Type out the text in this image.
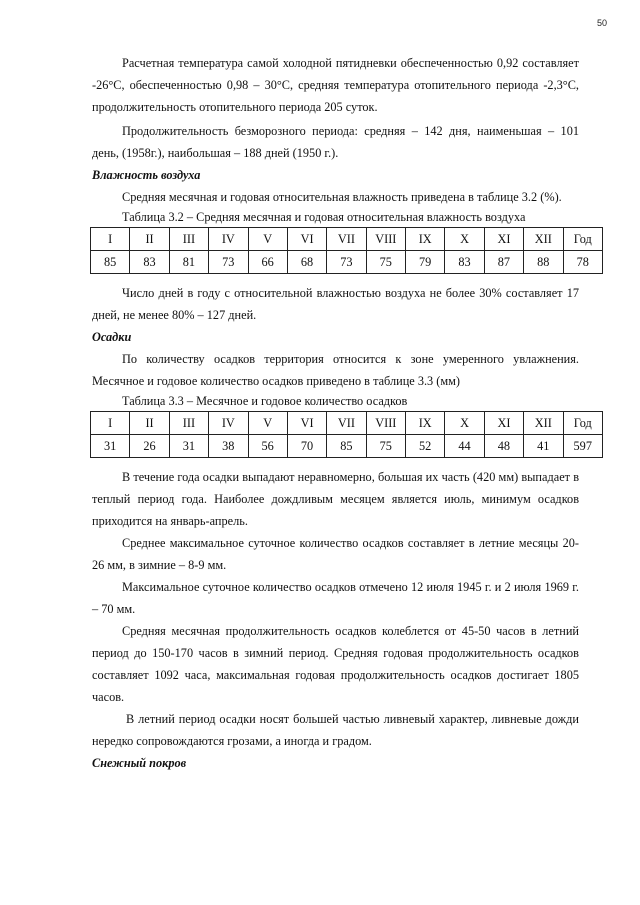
50

Расчетная температура самой холодной пятидневки обеспеченностью 0,92 составляет -26°С, обеспеченностью 0,98 – 30°С, средняя температура отопительного периода -2,3°С, продолжительность отопительного периода 205 суток.

Продолжительность безморозного периода: средняя – 142 дня, наименьшая – 101 день, (1958г.), наибольшая – 188 дней (1950 г.).

Влажность воздуха

Средняя месячная и годовая относительная влажность приведена в таблице 3.2 (%).

Таблица 3.2 – Средняя месячная и годовая относительная влажность воздуха
I	II	III	IV	V	VI	VII	VIII	IX	X	XI	XII	Год
85	83	81	73	66	68	73	75	79	83	87	88	78

Число дней в году с относительной влажностью воздуха не более 30% составляет 17 дней, не менее 80% – 127 дней.

Осадки

По количеству осадков территория относится к зоне умеренного увлажнения. Месячное и годовое количество осадков приведено в таблице 3.3 (мм)

Таблица 3.3 – Месячное и годовое количество осадков
I	II	III	IV	V	VI	VII	VIII	IX	X	XI	XII	Год
31	26	31	38	56	70	85	75	52	44	48	41	597

В течение года осадки выпадают неравномерно, большая их часть (420 мм) выпадает в теплый период года. Наиболее дождливым месяцем является июль, минимум осадков приходится на январь-апрель.

Среднее максимальное суточное количество осадков составляет в летние месяцы 20-26 мм, в зимние – 8-9 мм.

Максимальное суточное количество осадков отмечено 12 июля 1945 г. и 2 июля 1969 г. – 70 мм.

Средняя месячная продолжительность осадков колеблется от 45-50 часов в летний период до 150-170 часов в зимний период. Средняя годовая продолжительность осадков составляет 1092 часа, максимальная годовая продолжительность осадков достигает 1805 часов.

В летний период осадки носят большей частью ливневый характер, ливневые дожди нередко сопровождаются грозами, а иногда и градом.

Снежный покров
